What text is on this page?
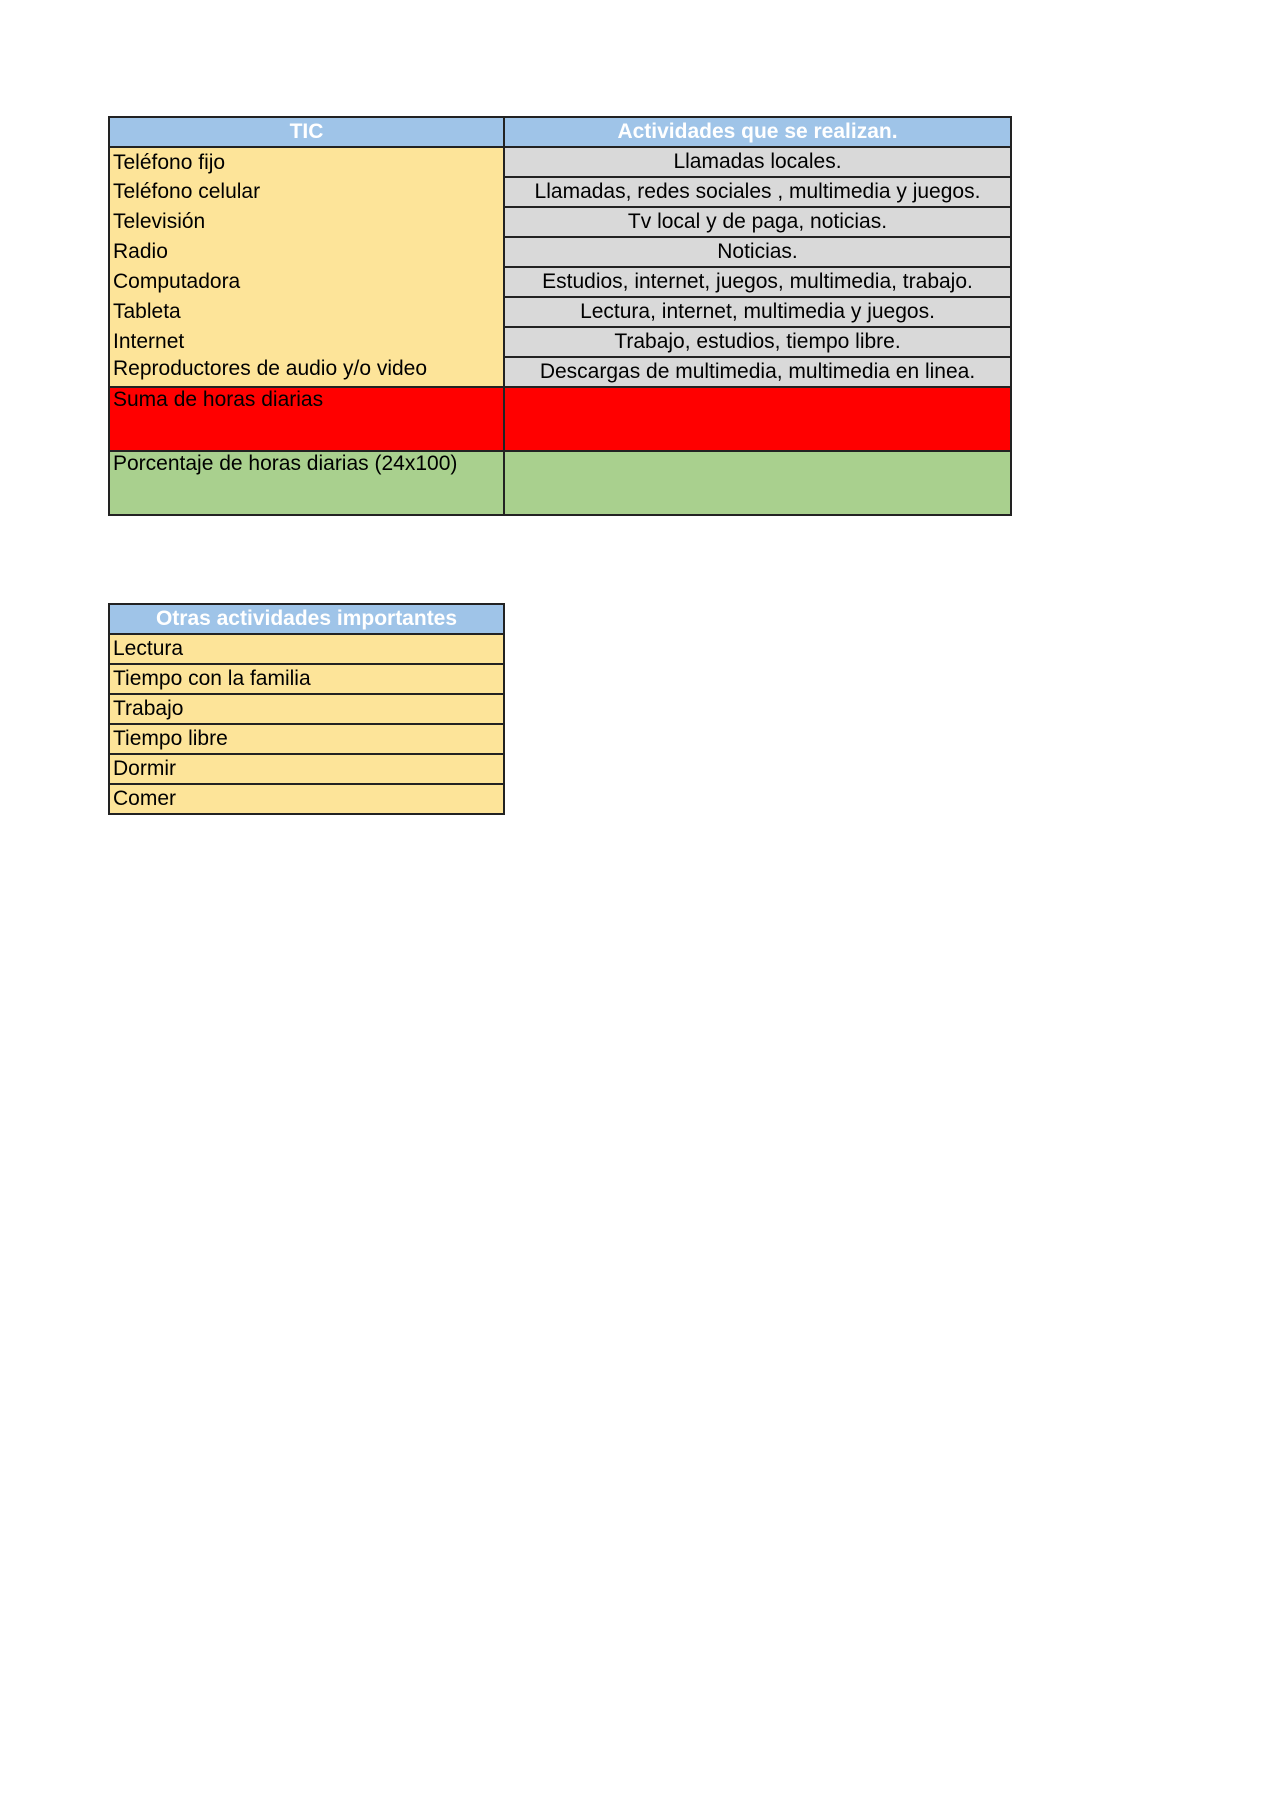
TIC	Actividades que se realizan.
Teléfono fijo	Llamadas locales.
Teléfono celular	Llamadas, redes sociales , multimedia y juegos.
Televisión	Tv local y de paga, noticias.
Radio	Noticias.
Computadora	Estudios, internet, juegos, multimedia, trabajo.
Tableta	Lectura, internet, multimedia y juegos.
Internet	Trabajo, estudios, tiempo libre.
Reproductores de audio y/o video	Descargas de multimedia, multimedia en linea.
Suma de horas diarias	
Porcentaje de horas diarias (24x100)	
Otras actividades importantes
Lectura
Tiempo con la familia
Trabajo
Tiempo libre
Dormir
Comer
